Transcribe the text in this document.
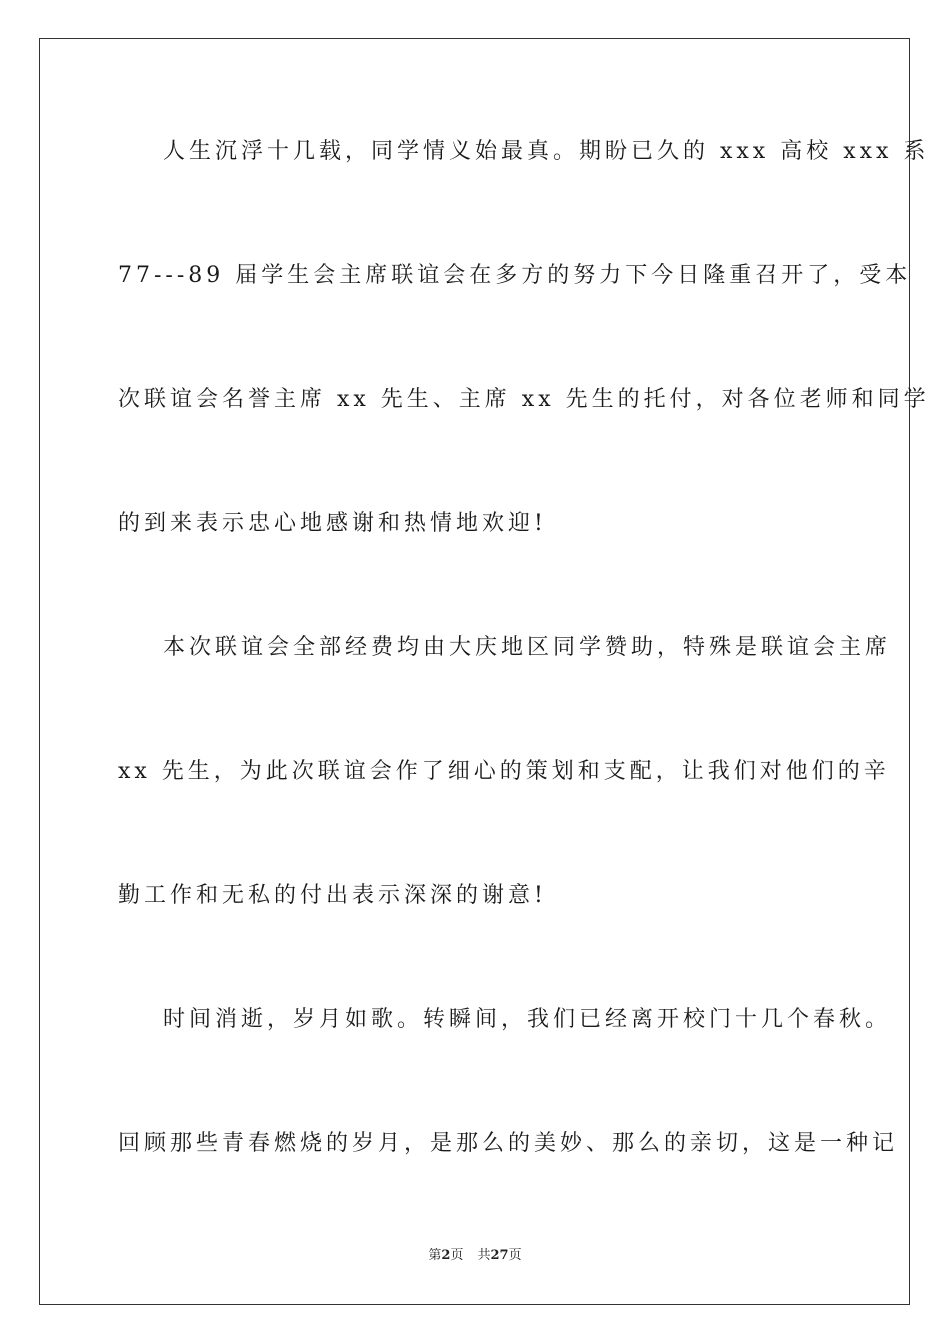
人生沉浮十几载，同学情义始最真。期盼已久的 xxx 高校 xxx 系
77---89 届学生会主席联谊会在多方的努力下今日隆重召开了，受本
次联谊会名誉主席 xx 先生、主席 xx 先生的托付，对各位老师和同学
的到来表示忠心地感谢和热情地欢迎!
本次联谊会全部经费均由大庆地区同学赞助，特殊是联谊会主席
xx 先生，为此次联谊会作了细心的策划和支配，让我们对他们的辛
勤工作和无私的付出表示深深的谢意!
时间消逝，岁月如歌。转瞬间，我们已经离开校门十几个春秋。
回顾那些青春燃烧的岁月，是那么的美妙、那么的亲切，这是一种记
第2页 共27页
